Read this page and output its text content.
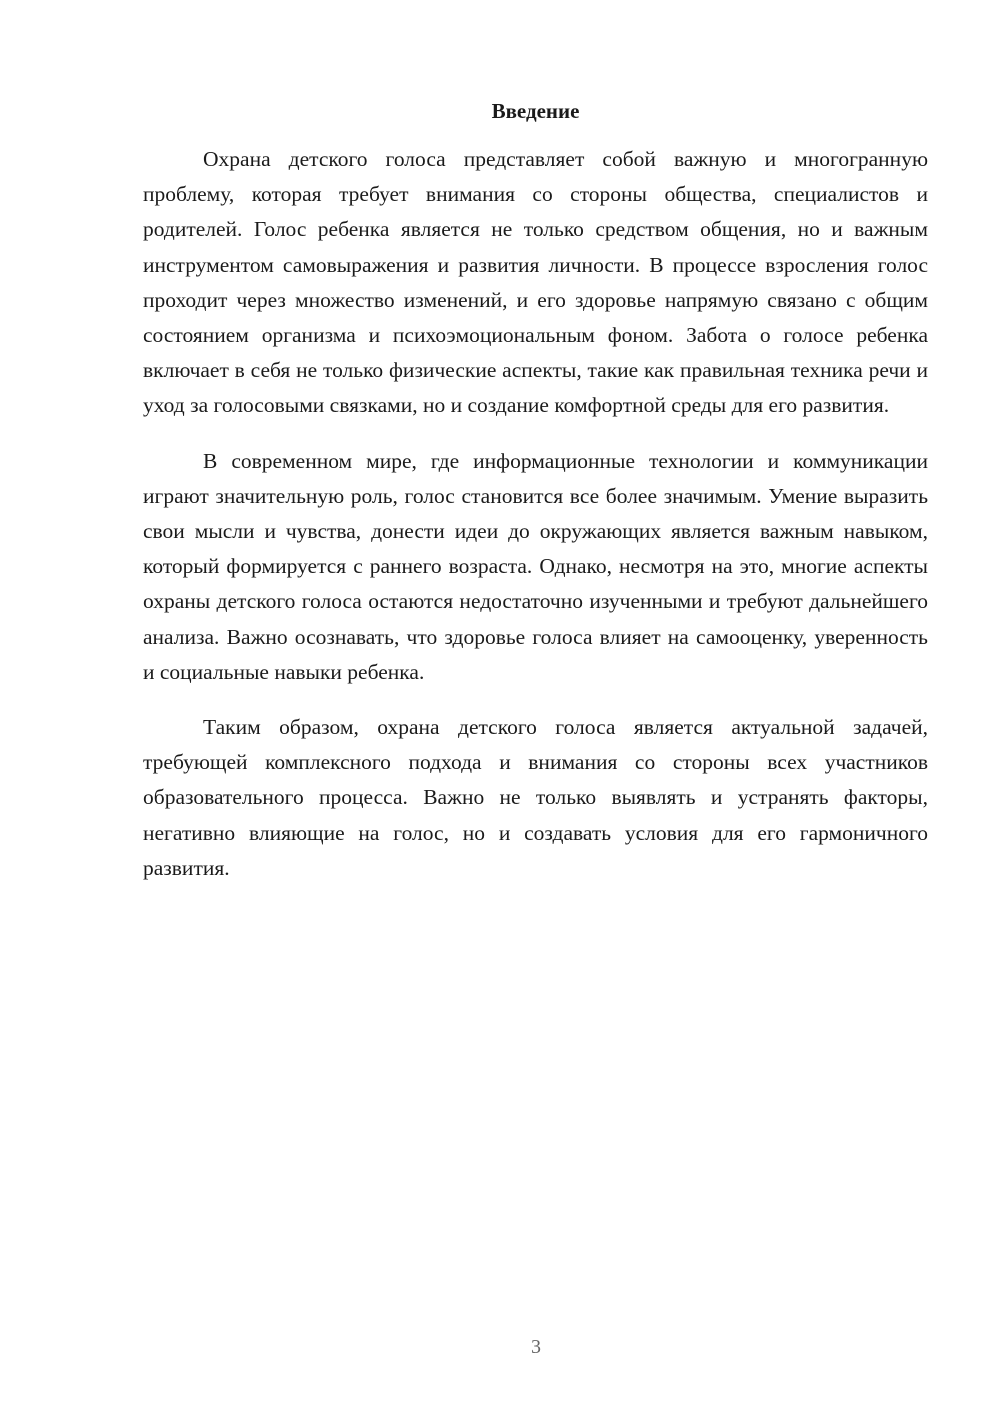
Введение

Охрана детского голоса представляет собой важную и многогранную проблему, которая требует внимания со стороны общества, специалистов и родителей. Голос ребенка является не только средством общения, но и важным инструментом самовыражения и развития личности. В процессе взросления голос проходит через множество изменений, и его здоровье напрямую связано с общим состоянием организма и психоэмоциональным фоном. Забота о голосе ребенка включает в себя не только физические аспекты, такие как правильная техника речи и уход за голосовыми связками, но и создание комфортной среды для его развития.

В современном мире, где информационные технологии и коммуникации играют значительную роль, голос становится все более значимым. Умение выразить свои мысли и чувства, донести идеи до окружающих является важным навыком, который формируется с раннего возраста. Однако, несмотря на это, многие аспекты охраны детского голоса остаются недостаточно изученными и требуют дальнейшего анализа. Важно осознавать, что здоровье голоса влияет на самооценку, уверенность и социальные навыки ребенка.

Таким образом, охрана детского голоса является актуальной задачей, требующей комплексного подхода и внимания со стороны всех участников образовательного процесса. Важно не только выявлять и устранять факторы, негативно влияющие на голос, но и создавать условия для его гармоничного развития.

3
